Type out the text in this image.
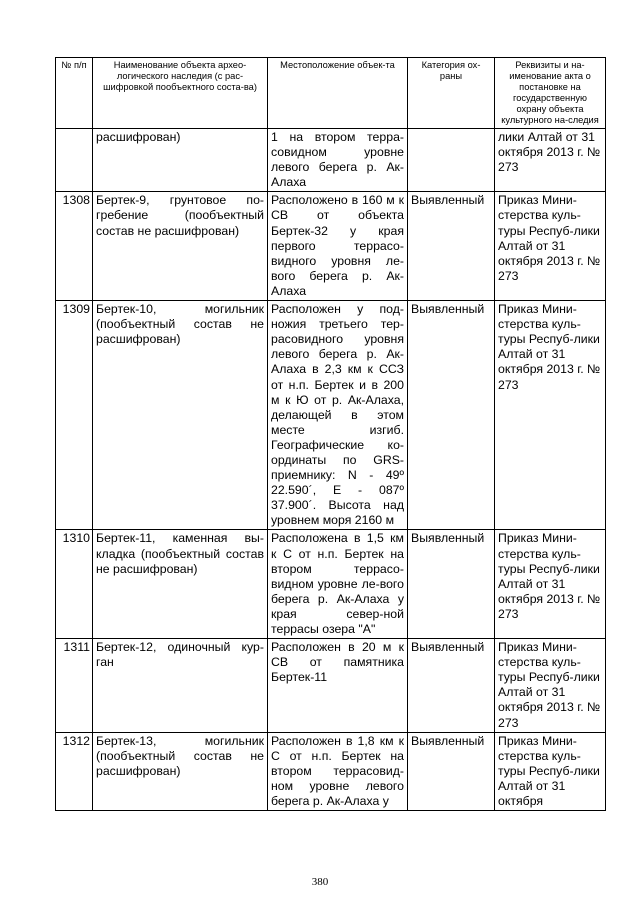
№ п/п	Наименование объекта архео-логического наследия (с рас-шифровкой пообъектного соста-ва)	Местоположение объек-та	Категория ох-раны	Реквизиты и на-именование акта о постановке на государственную охрану объекта культурного на-следия
	расшифрован)	1 на втором терра-совидном уровне левого берега р. Ак-Алаха		лики Алтай от 31 октября 2013 г. № 273
1308	Бертек-9, грунтовое по-гребение (пообъектный состав не расшифрован)	Расположено в 160 м к СВ от объекта Бертек-32 у края первого террасо-видного уровня ле-вого берега р. Ак-Алаха	Выявленный	Приказ Мини-стерства куль-туры Респуб-лики Алтай от 31 октября 2013 г. № 273
1309	Бертек-10, могильник (пообъектный состав не расшифрован)	Расположен у под-ножия третьего тер-расовидного уровня левого берега р. Ак-Алаха в 2,3 км к ССЗ от н.п. Бертек и в 200 м к Ю от р. Ак-Алаха, делающей в этом месте изгиб. Географические ко-ординаты по GRS-приемнику: N - 49º 22.590´, E - 087º 37.900´. Высота над уровнем моря 2160 м	Выявленный	Приказ Мини-стерства куль-туры Респуб-лики Алтай от 31 октября 2013 г. № 273
1310	Бертек-11, каменная вы-кладка (пообъектный состав не расшифрован)	Расположена в 1,5 км к С от н.п. Бертек на втором террасо-видном уровне ле-вого берега р. Ак-Алаха у края север-ной террасы озера "А"	Выявленный	Приказ Мини-стерства куль-туры Респуб-лики Алтай от 31 октября 2013 г. № 273
1311	Бертек-12, одиночный кур-ган	Расположен в 20 м к СВ от памятника Бертек-11	Выявленный	Приказ Мини-стерства куль-туры Респуб-лики Алтай от 31 октября 2013 г. № 273
1312	Бертек-13, могильник (пообъектный состав не расшифрован)	Расположен в 1,8 км к С от н.п. Бертек на втором террасовид-ном уровне левого берега р. Ак-Алаха у	Выявленный	Приказ Мини-стерства куль-туры Респуб-лики Алтай от 31 октября
380
